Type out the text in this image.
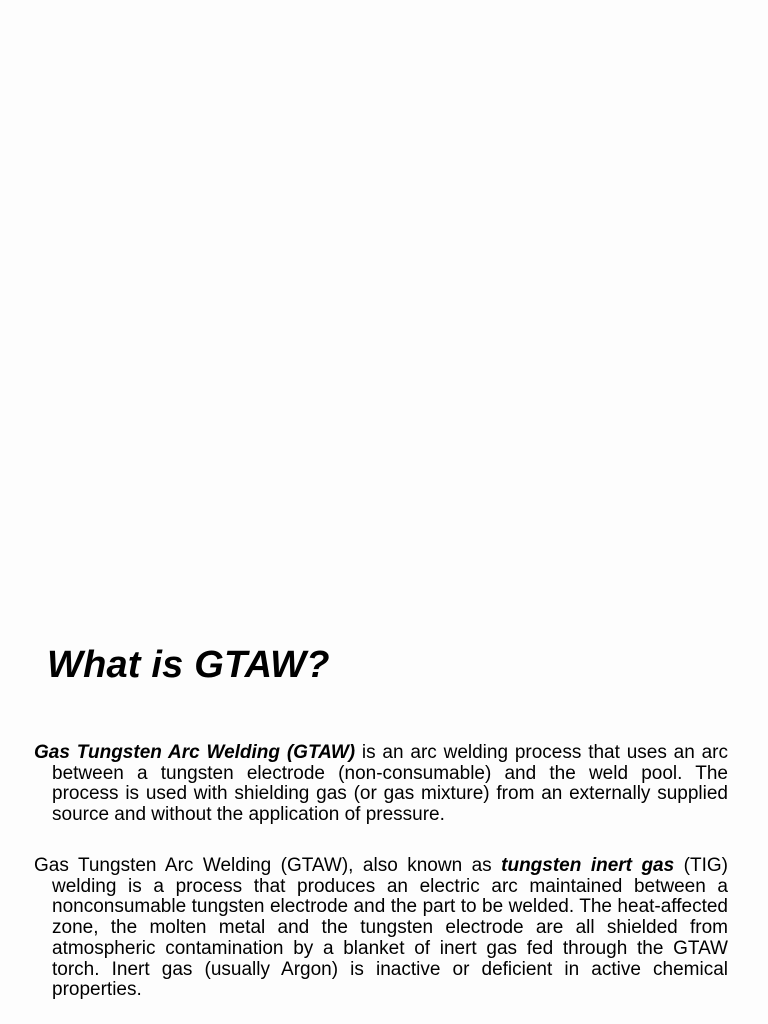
What is GTAW?

Gas Tungsten Arc Welding (GTAW) is an arc welding process that uses an arc between a tungsten electrode (non-consumable) and the weld pool. The process is used with shielding gas (or gas mixture) from an externally supplied source and without the application of pressure.

Gas Tungsten Arc Welding (GTAW), also known as tungsten inert gas (TIG) welding is a process that produces an electric arc maintained between a nonconsumable tungsten electrode and the part to be welded. The heat-affected zone, the molten metal and the tungsten electrode are all shielded from atmospheric contamination by a blanket of inert gas fed through the GTAW torch. Inert gas (usually Argon) is inactive or deficient in active chemical properties.
